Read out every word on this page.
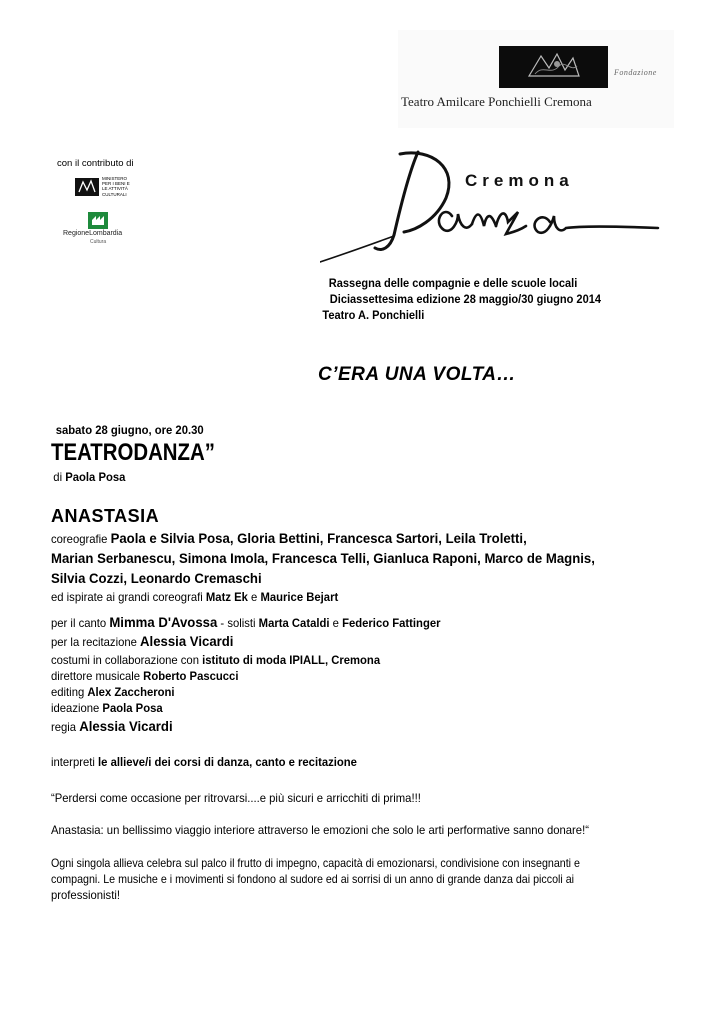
Fondazione
Teatro Amilcare Ponchielli Cremona
con il contributo di
MINISTERO
PER I BENI E
LE ATTIVITÀ
CULTURALI
RegioneLombardia
Cultura
Cremona
Rassegna delle compagnie e delle scuole locali
Diciassettesima edizione 28 maggio/30 giugno 2014
Teatro A. Ponchielli
C’ERA UNA VOLTA…
sabato 28 giugno, ore 20.30
TEATRODANZA”
di Paola Posa
ANASTASIA
coreografie Paola e Silvia Posa, Gloria Bettini, Francesca Sartori, Leila Troletti,
Marian Serbanescu, Simona Imola, Francesca Telli, Gianluca Raponi, Marco de Magnis,
Silvia Cozzi, Leonardo Cremaschi
ed ispirate ai grandi coreografi Matz Ek e Maurice Bejart
per il canto Mimma D'Avossa - solisti Marta Cataldi e Federico Fattinger
per la recitazione Alessia Vicardi
costumi in collaborazione con istituto di moda IPIALL, Cremona
direttore musicale Roberto Pascucci
editing Alex Zaccheroni
ideazione Paola Posa
regia Alessia Vicardi
interpreti le allieve/i dei corsi di danza, canto e recitazione
“Perdersi come occasione per ritrovarsi....e più sicuri e arricchiti di prima!!!
Anastasia: un bellissimo viaggio interiore attraverso le emozioni che solo le arti performative sanno donare!“
Ogni singola allieva celebra sul palco il frutto di impegno, capacità di emozionarsi, condivisione con insegnanti e
compagni. Le musiche e i movimenti si fondono al sudore ed ai sorrisi di un anno di grande danza dai piccoli ai
professionisti!
